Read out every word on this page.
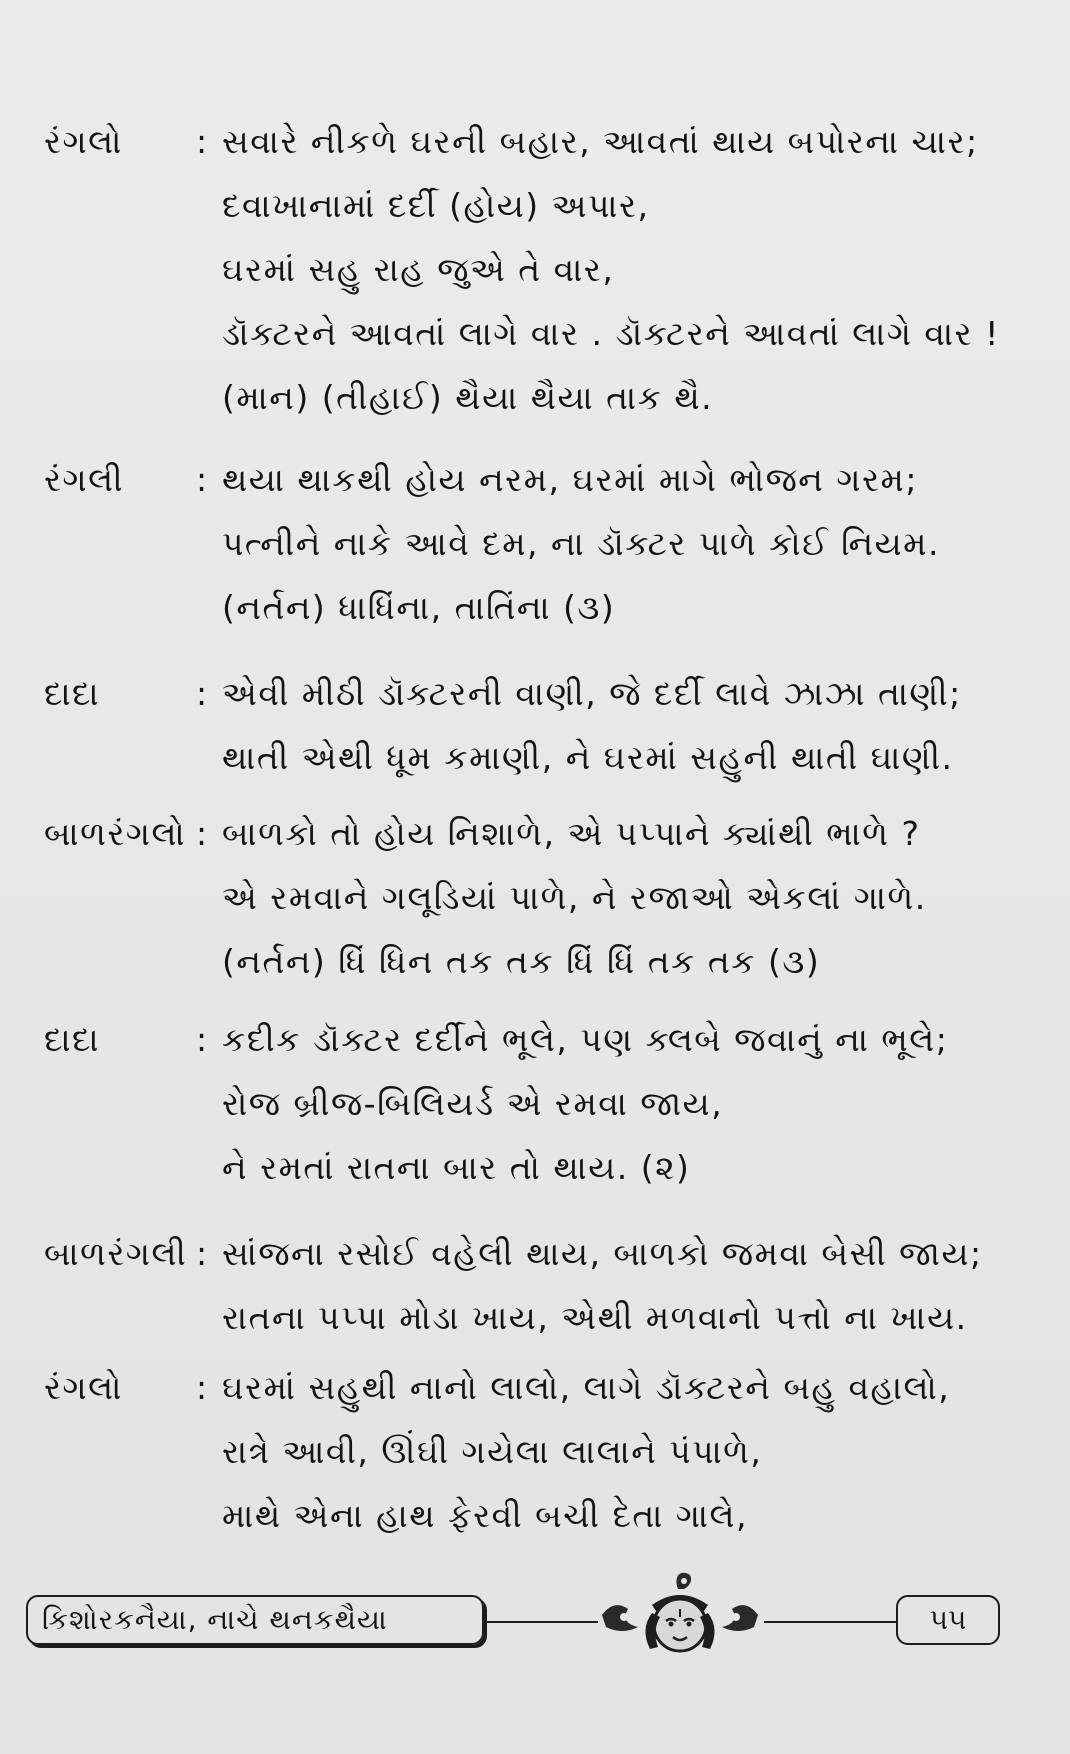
રંગલો	: સવારે નીકળે ઘરની બહાર, આવતાં થાય બપોરના ચાર;
દવાખાનામાં દર્દી (હોય) અપાર,
ઘરમાં સહુ રાહ જુએ તે વાર,
ડૉક્ટરને આવતાં લાગે વાર . ડૉક્ટરને આવતાં લાગે વાર !
(માન) (તીહાઈ) થૈયા થૈયા તાક થૈ.
રંગલી	: થયા થાકથી હોય નરમ, ઘરમાં માગે ભોજન ગરમ;
પત્નીને નાકે આવે દમ, ના ડૉક્ટર પાળે કોઈ નિયમ.
(નર્તન) ધાધિંના, તાતિંના (૩)
દાદા	: એવી મીઠી ડૉક્ટરની વાણી, જે દર્દી લાવે ઝાઝા તાણી;
થાતી એથી ધૂમ કમાણી, ને ઘરમાં સહુની થાતી ઘાણી.
બાળરંગલો : બાળકો તો હોય નિશાળે, એ પપ્પાને ક્યાંથી ભાળે ?
એ રમવાને ગલૂડિયાં પાળે, ને રજાઓ એકલાં ગાળે.
(નર્તન) ધિં ધિન તક તક ધિં ધિં તક તક (૩)
દાદા	: કદીક ડૉક્ટર દર્દીને ભૂલે, પણ ક્લબે જવાનું ના ભૂલે;
રોજ બ્રીજ-બિલિયર્ડ એ રમવા જાય,
ને રમતાં રાતના બાર તો થાય. (૨)
બાળરંગલી : સાંજના રસોઈ વહેલી થાય, બાળકો જમવા બેસી જાય;
રાતના પપ્પા મોડા ખાય, એથી મળવાનો પત્તો ના ખાય.
રંગલો	: ઘરમાં સહુથી નાનો લાલો, લાગે ડૉક્ટરને બહુ વહાલો,
રાત્રે આવી, ઊંઘી ગયેલા લાલાને પંપાળે,
માથે એના હાથ ફેરવી બચી દેતા ગાલે,
કિશોરકનૈયા, નાચે થનકથૈયા	૫૫
